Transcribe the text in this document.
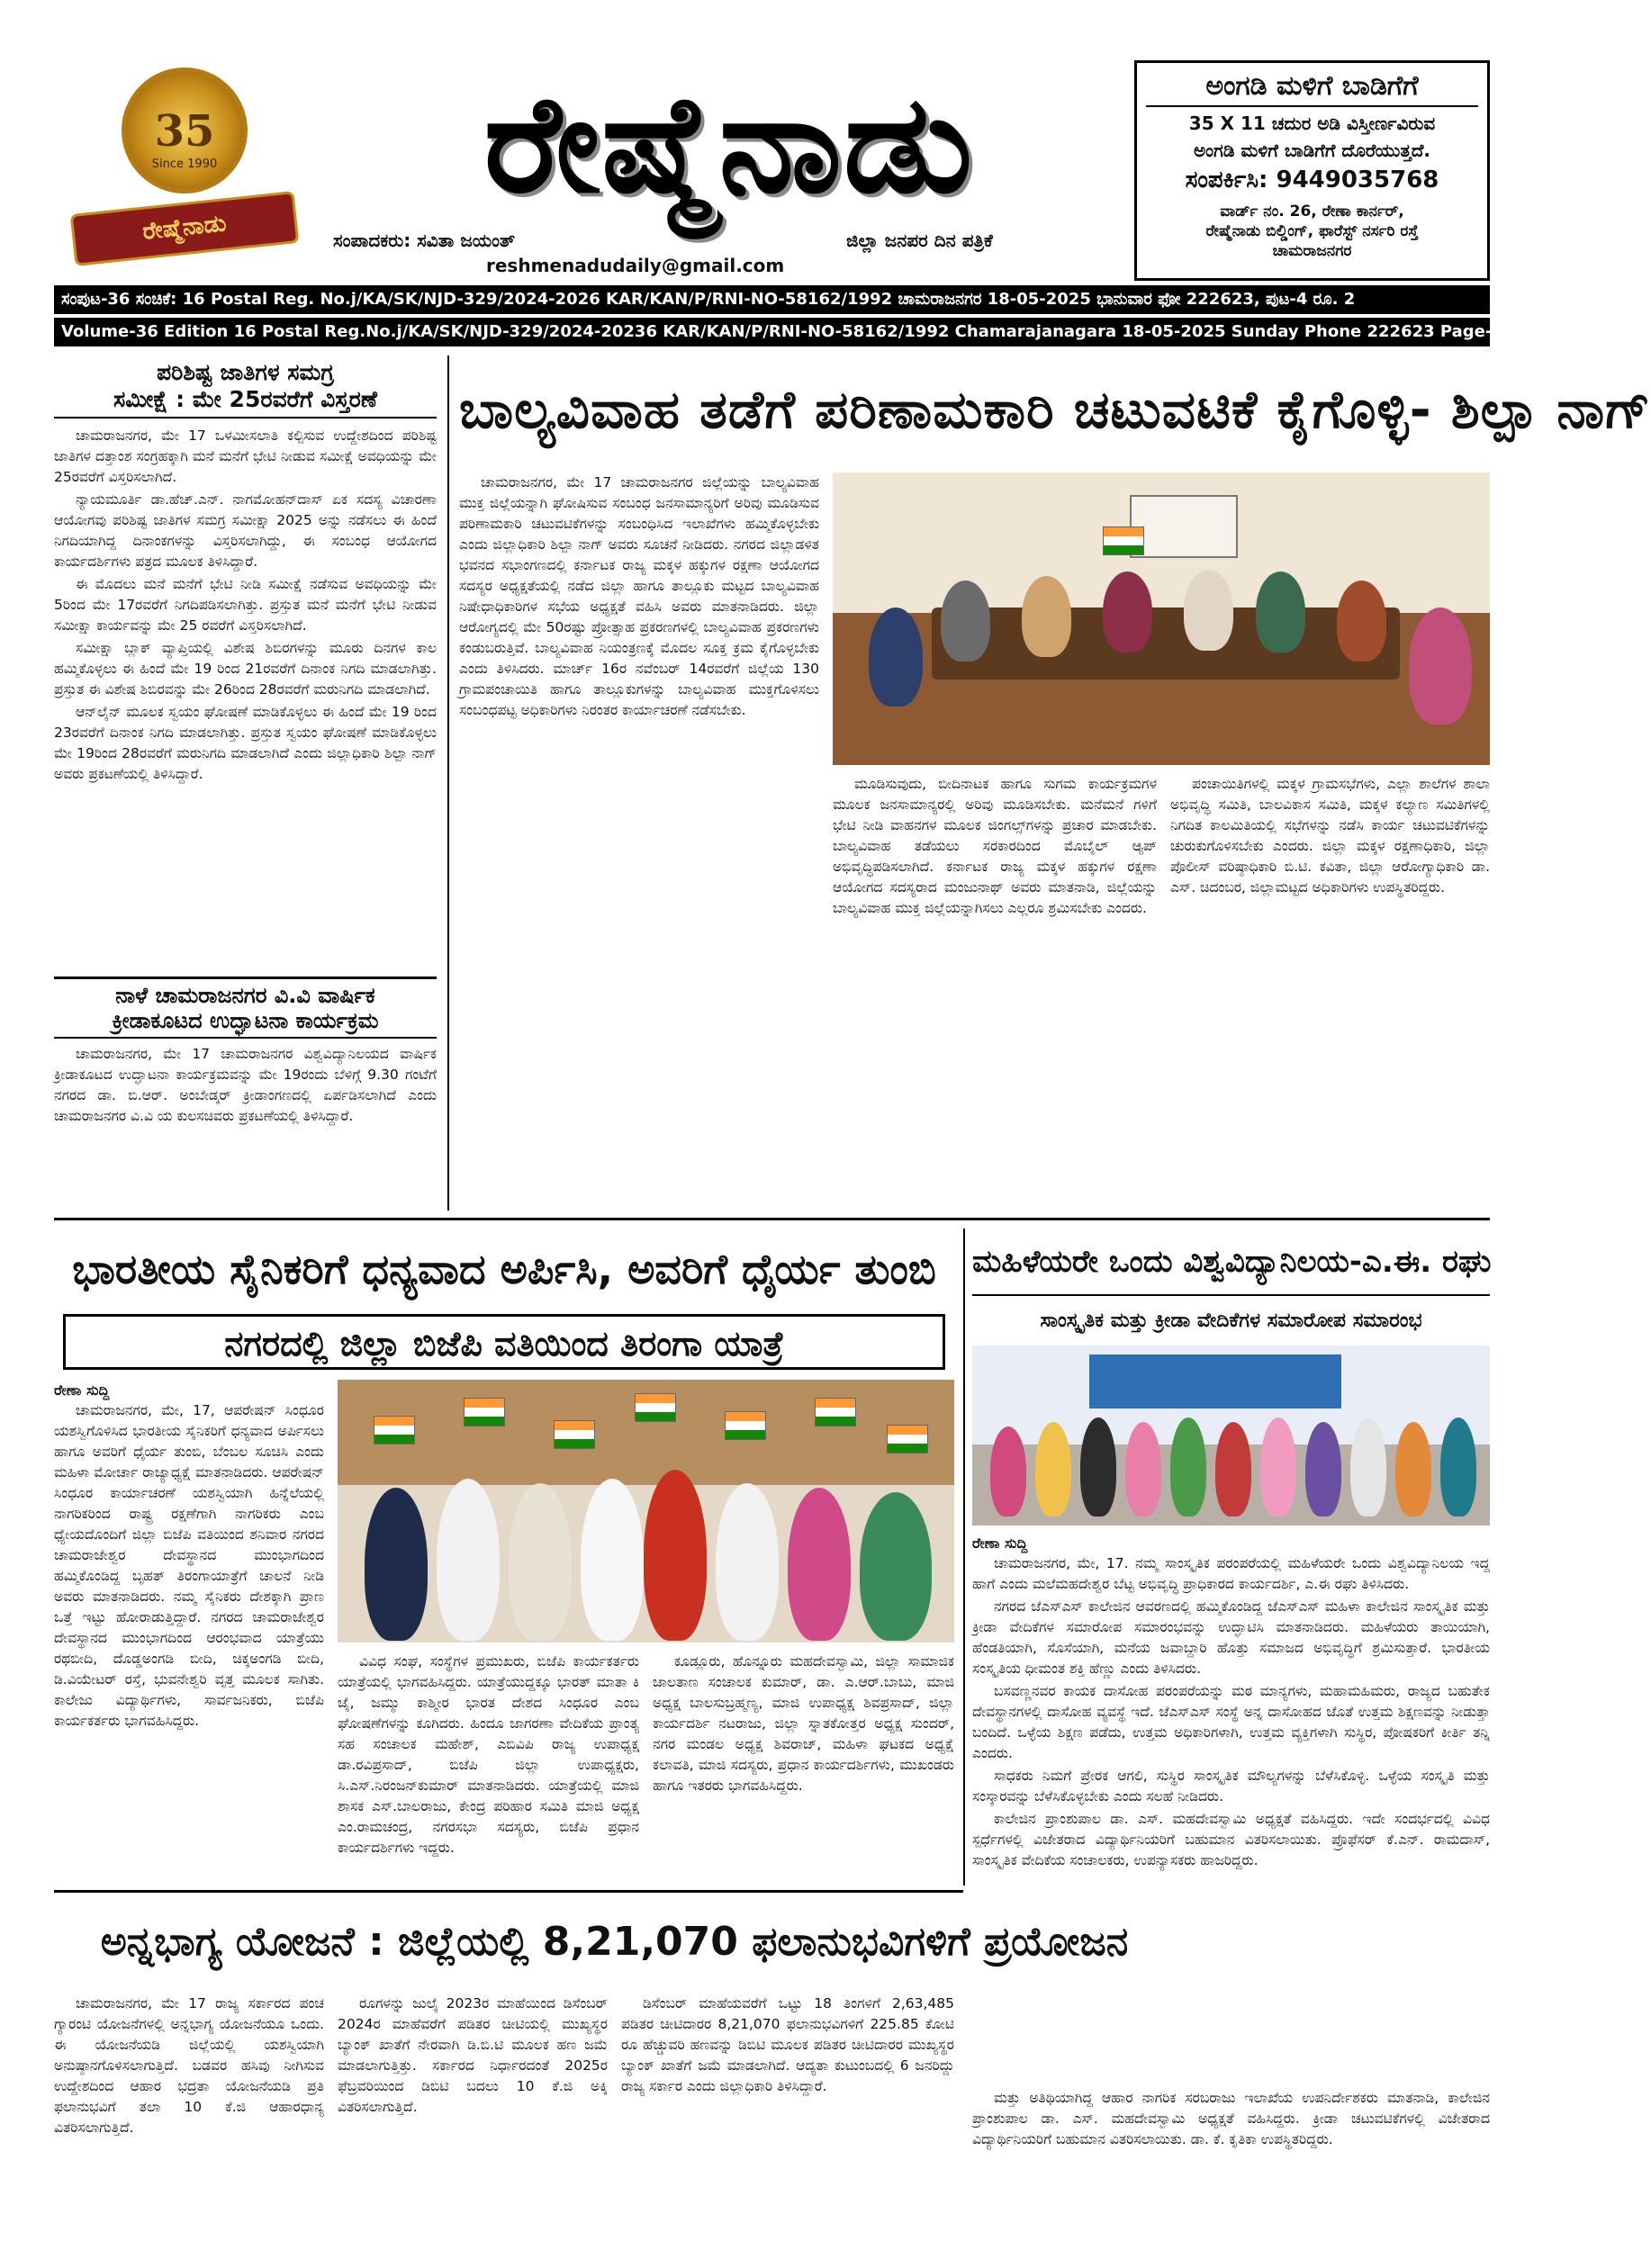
35
Since 1990
ರೇಷ್ಮೆನಾಡು
ರೇಷ್ಮೆನಾಡು
ಸಂಪಾದಕರು: ಸವಿತಾ ಜಯಂತ್	ಜಿಲ್ಲಾ ಜನಪರ ದಿನ ಪತ್ರಿಕೆ
reshmenadudaily@gmail.com
ಅಂಗಡಿ ಮಳಿಗೆ ಬಾಡಿಗೆಗೆ
35 X 11 ಚದುರ ಅಡಿ ವಿಸ್ತೀರ್ಣವಿರುವ
ಅಂಗಡಿ ಮಳಿಗೆ ಬಾಡಿಗೆಗೆ ದೊರೆಯುತ್ತದೆ.
ಸಂಪರ್ಕಿಸಿ: 9449035768
ವಾರ್ಡ್ ನಂ. 26, ರೇಣಾ ಕಾರ್ನರ್,
ರೇಷ್ಮೆನಾಡು ಬಿಲ್ಡಿಂಗ್, ಫಾರೆಸ್ಟ್ ನರ್ಸರಿ ರಸ್ತೆ
ಚಾಮರಾಜನಗರ
ಸಂಪುಟ-36 ಸಂಚಿಕೆ: 16 Postal Reg. No.j/KA/SK/NJD-329/2024-2026 KAR/KAN/P/RNI-NO-58162/1992 ಚಾಮರಾಜನಗರ 18-05-2025 ಭಾನುವಾರ ಫೋ 222623, ಪುಟ-4 ರೂ. 2
Volume-36 Edition 16 Postal Reg.No.j/KA/SK/NJD-329/2024-20236 KAR/KAN/P/RNI-NO-58162/1992 Chamarajanagara 18-05-2025 Sunday Phone 222623 Page-4 Rs.2
ಪರಿಶಿಷ್ಟ ಜಾತಿಗಳ ಸಮಗ್ರ
ಸಮೀಕ್ಷೆ : ಮೇ 25ರವರೆಗೆ ವಿಸ್ತರಣೆ

ಚಾಮರಾಜನಗರ, ಮೇ 17 ಒಳಮೀಸಲಾತಿ ಕಲ್ಪಿಸುವ ಉದ್ದೇಶದಿಂದ ಪರಿಶಿಷ್ಟ ಜಾತಿಗಳ ದತ್ತಾಂಶ ಸಂಗ್ರಹಕ್ಕಾಗಿ ಮನೆ ಮನೆಗೆ ಭೇಟಿ ನೀಡುವ ಸಮೀಕ್ಷೆ ಅವಧಿಯನ್ನು ಮೇ 25ರವರೆಗೆ ವಿಸ್ತರಿಸಲಾಗಿದೆ.

ನ್ಯಾಯಮೂರ್ತಿ ಡಾ.ಹೆಚ್.ಎನ್. ನಾಗಮೋಹನ್‌ದಾಸ್ ಏಕ ಸದಸ್ಯ ವಿಚಾರಣಾ ಆಯೋಗವು ಪರಿಶಿಷ್ಟ ಜಾತಿಗಳ ಸಮಗ್ರ ಸಮೀಕ್ಷಾ 2025 ಅನ್ನು ನಡೆಸಲು ಈ ಹಿಂದೆ ನಿಗದಿಯಾಗಿದ್ದ ದಿನಾಂಕಗಳನ್ನು ವಿಸ್ತರಿಸಲಾಗಿದ್ದು, ಈ ಸಂಬಂಧ ಆಯೋಗದ ಕಾರ್ಯದರ್ಶಿಗಳು ಪತ್ರದ ಮೂಲಕ ತಿಳಿಸಿದ್ದಾರೆ.

ಈ ಮೊದಲು ಮನೆ ಮನೆಗೆ ಭೇಟಿ ನೀಡಿ ಸಮೀಕ್ಷೆ ನಡೆಸುವ ಅವಧಿಯನ್ನು ಮೇ 5ರಿಂದ ಮೇ 17ರವರೆಗೆ ನಿಗದಿಪಡಿಸಲಾಗಿತ್ತು. ಪ್ರಸ್ತುತ ಮನೆ ಮನೆಗೆ ಭೇಟಿ ನೀಡುವ ಸಮೀಕ್ಷಾ ಕಾರ್ಯವನ್ನು ಮೇ 25 ರವರೆಗೆ ವಿಸ್ತರಿಸಲಾಗಿದೆ.

ಸಮೀಕ್ಷಾ ಬ್ಲಾಕ್ ವ್ಯಾಪ್ತಿಯಲ್ಲಿ ವಿಶೇಷ ಶಿಬಿರಗಳನ್ನು ಮೂರು ದಿನಗಳ ಕಾಲ ಹಮ್ಮಿಕೊಳ್ಳಲು ಈ ಹಿಂದೆ ಮೇ 19 ರಿಂದ 21ರವರೆಗೆ ದಿನಾಂಕ ನಿಗದಿ ಮಾಡಲಾಗಿತ್ತು. ಪ್ರಸ್ತುತ ಈ ವಿಶೇಷ ಶಿಬಿರವನ್ನು ಮೇ 26ರಿಂದ 28ರವರೆಗೆ ಮರುನಿಗದಿ ಮಾಡಲಾಗಿದೆ.

ಆನ್‌ಲೈನ್ ಮೂಲಕ ಸ್ವಯಂ ಘೋಷಣೆ ಮಾಡಿಕೊಳ್ಳಲು ಈ ಹಿಂದೆ ಮೇ 19 ರಿಂದ 23ರವರೆಗೆ ದಿನಾಂಕ ನಿಗದಿ ಮಾಡಲಾಗಿತ್ತು. ಪ್ರಸ್ತುತ ಸ್ವಯಂ ಘೋಷಣೆ ಮಾಡಿಕೊಳ್ಳಲು ಮೇ 19ರಿಂದ 28ರವರೆಗೆ ಮರುನಿಗದಿ ಮಾಡಲಾಗಿದೆ ಎಂದು ಜಿಲ್ಲಾಧಿಕಾರಿ ಶಿಲ್ಪಾ ನಾಗ್ ಅವರು ಪ್ರಕಟಣೆಯಲ್ಲಿ ತಿಳಿಸಿದ್ದಾರೆ.

ನಾಳೆ ಚಾಮರಾಜನಗರ ವಿ.ವಿ ವಾರ್ಷಿಕ
ಕ್ರೀಡಾಕೂಟದ ಉದ್ಘಾಟನಾ ಕಾರ್ಯಕ್ರಮ

ಚಾಮರಾಜನಗರ, ಮೇ 17 ಚಾಮರಾಜನಗರ ವಿಶ್ವವಿದ್ಯಾನಿಲಯದ ವಾರ್ಷಿಕ ಕ್ರೀಡಾಕೂಟದ ಉದ್ಘಾಟನಾ ಕಾರ್ಯಕ್ರಮವನ್ನು ಮೇ 19ರಂದು ಬೆಳಿಗ್ಗೆ 9.30 ಗಂಟೆಗೆ ನಗರದ ಡಾ. ಬಿ.ಆರ್. ಅಂಬೇಡ್ಕರ್ ಕ್ರೀಡಾಂಗಣದಲ್ಲಿ ಏರ್ಪಡಿಸಲಾಗಿದೆ ಎಂದು ಚಾಮರಾಜನಗರ ವಿ.ವಿ ಯ ಕುಲಸಚಿವರು ಪ್ರಕಟಣೆಯಲ್ಲಿ ತಿಳಿಸಿದ್ದಾರೆ.

ಬಾಲ್ಯವಿವಾಹ ತಡೆಗೆ ಪರಿಣಾಮಕಾರಿ ಚಟುವಟಿಕೆ ಕೈಗೊಳ್ಳಿ- ಶಿಲ್ಪಾ ನಾಗ್

ಚಾಮರಾಜನಗರ, ಮೇ 17 ಚಾಮರಾಜನಗರ ಜಿಲ್ಲೆಯನ್ನು ಬಾಲ್ಯವಿವಾಹ ಮುಕ್ತ ಜಿಲ್ಲೆಯನ್ನಾಗಿ ಘೋಷಿಸುವ ಸಂಬಂಧ ಜನಸಾಮಾನ್ಯರಿಗೆ ಅರಿವು ಮೂಡಿಸುವ ಪರಿಣಾಮಕಾರಿ ಚಟುವಟಿಕೆಗಳನ್ನು ಸಂಬಂಧಿಸಿದ ಇಲಾಖೆಗಳು ಹಮ್ಮಿಕೊಳ್ಳಬೇಕು ಎಂದು ಜಿಲ್ಲಾಧಿಕಾರಿ ಶಿಲ್ಪಾ ನಾಗ್ ಅವರು ಸೂಚನೆ ನೀಡಿದರು. ನಗರದ ಜಿಲ್ಲಾಡಳಿತ ಭವನದ ಸಭಾಂಗಣದಲ್ಲಿ ಕರ್ನಾಟಕ ರಾಜ್ಯ ಮಕ್ಕಳ ಹಕ್ಕುಗಳ ರಕ್ಷಣಾ ಆಯೋಗದ ಸದಸ್ಯರ ಅಧ್ಯಕ್ಷತೆಯಲ್ಲಿ ನಡೆದ ಜಿಲ್ಲಾ ಹಾಗೂ ತಾಲ್ಲೂಕು ಮಟ್ಟದ ಬಾಲ್ಯವಿವಾಹ ನಿಷೇಧಾಧಿಕಾರಿಗಳ ಸಭೆಯ ಅಧ್ಯಕ್ಷತೆ ವಹಿಸಿ ಅವರು ಮಾತನಾಡಿದರು. ಜಿಲ್ಲಾ ಆರೋಗ್ಯದಲ್ಲಿ ಮೇ 50ರಷ್ಟು ಪ್ರೋತ್ಸಾಹ ಪ್ರಕರಣಗಳಲ್ಲಿ ಬಾಲ್ಯವಿವಾಹ ಪ್ರಕರಣಗಳು ಕಂಡುಬರುತ್ತಿವೆ. ಬಾಲ್ಯವಿವಾಹ ನಿಯಂತ್ರಣಕ್ಕೆ ಮೊದಲ ಸೂಕ್ತ ಕ್ರಮ ಕೈಗೊಳ್ಳಬೇಕು ಎಂದು ತಿಳಿಸಿದರು. ಮಾರ್ಚ್ 16ರ ನವೆಂಬರ್ 14ರವರೆಗೆ ಜಿಲ್ಲೆಯ 130 ಗ್ರಾಮಪಂಚಾಯಿತಿ ಹಾಗೂ ತಾಲ್ಲೂಕುಗಳನ್ನು ಬಾಲ್ಯವಿವಾಹ ಮುಕ್ತಗೊಳಿಸಲು ಸಂಬಂಧಪಟ್ಟ ಅಧಿಕಾರಿಗಳು ನಿರಂತರ ಕಾರ್ಯಾಚರಣೆ ನಡೆಸಬೇಕು.

ಮೂಡಿಸುವುದು, ಬೀದಿನಾಟಕ ಹಾಗೂ ಸುಗಮ ಕಾರ್ಯಕ್ರಮಗಳ ಮೂಲಕ ಜನಸಾಮಾನ್ಯರಲ್ಲಿ ಅರಿವು ಮೂಡಿಸಬೇಕು. ಮನೆಮನೆ ಗಳಿಗೆ ಭೇಟಿ ನೀಡಿ ವಾಹನಗಳ ಮೂಲಕ ಜಿಂಗಲ್ಸ್‌ಗಳನ್ನು ಪ್ರಚಾರ ಮಾಡಬೇಕು. ಬಾಲ್ಯವಿವಾಹ ತಡೆಯಲು ಸರಕಾರದಿಂದ ಮೊಬೈಲ್ ಆ್ಯಪ್ ಅಭಿವೃದ್ಧಿಪಡಿಸಲಾಗಿದೆ. ಕರ್ನಾಟಕ ರಾಜ್ಯ ಮಕ್ಕಳ ಹಕ್ಕುಗಳ ರಕ್ಷಣಾ ಆಯೋಗದ ಸದಸ್ಯರಾದ ಮಂಜುನಾಥ್ ಅವರು ಮಾತನಾಡಿ, ಜಿಲ್ಲೆಯನ್ನು ಬಾಲ್ಯವಿವಾಹ ಮುಕ್ತ ಜಿಲ್ಲೆಯನ್ನಾಗಿಸಲು ಎಲ್ಲರೂ ಶ್ರಮಿಸಬೇಕು ಎಂದರು.

ಪಂಚಾಯಿತಿಗಳಲ್ಲಿ ಮಕ್ಕಳ ಗ್ರಾಮಸಭೆಗಳು, ಎಲ್ಲಾ ಶಾಲೆಗಳ ಶಾಲಾ ಅಭಿವೃದ್ಧಿ ಸಮಿತಿ, ಬಾಲವಿಕಾಸ ಸಮಿತಿ, ಮಕ್ಕಳ ಕಲ್ಯಾಣ ಸಮಿತಿಗಳಲ್ಲಿ ನಿಗದಿತ ಕಾಲಮಿತಿಯಲ್ಲಿ ಸಭೆಗಳನ್ನು ನಡೆಸಿ ಕಾರ್ಯ ಚಟುವಟಿಕೆಗಳನ್ನು ಚುರುಕುಗೊಳಿಸಬೇಕು ಎಂದರು. ಜಿಲ್ಲಾ ಮಕ್ಕಳ ರಕ್ಷಣಾಧಿಕಾರಿ, ಜಿಲ್ಲಾ ಪೊಲೀಸ್ ವರಿಷ್ಠಾಧಿಕಾರಿ ಬಿ.ಟಿ. ಕವಿತಾ, ಜಿಲ್ಲಾ ಆರೋಗ್ಯಾಧಿಕಾರಿ ಡಾ. ಎಸ್. ಚಿದಂಬರ, ಜಿಲ್ಲಾಮಟ್ಟದ ಅಧಿಕಾರಿಗಳು ಉಪಸ್ಥಿತರಿದ್ದರು.

ಭಾರತೀಯ ಸೈನಿಕರಿಗೆ ಧನ್ಯವಾದ ಅರ್ಪಿಸಿ, ಅವರಿಗೆ ಧೈರ್ಯ ತುಂಬಿ
ನಗರದಲ್ಲಿ ಜಿಲ್ಲಾ ಬಿಜೆಪಿ ವತಿಯಿಂದ ತಿರಂಗಾ ಯಾತ್ರೆ
ರೇಣಾ ಸುದ್ದಿ

ಚಾಮರಾಜನಗರ, ಮೇ, 17, ಆಪರೇಷನ್ ಸಿಂಧೂರ ಯಶಸ್ವಿಗೊಳಿಸಿದ ಭಾರತೀಯ ಸೈನಿಕರಿಗೆ ಧನ್ಯವಾದ ಅರ್ಪಿಸಲು ಹಾಗೂ ಅವರಿಗೆ ಧೈರ್ಯ ತುಂಬಿ, ಬೆಂಬಲ ಸೂಚಿಸಿ ಎಂದು ಮಹಿಳಾ ಮೋರ್ಚಾ ರಾಜ್ಯಾಧ್ಯಕ್ಷೆ ಮಾತನಾಡಿದರು. ಆಪರೇಷನ್ ಸಿಂಧೂರ ಕಾರ್ಯಾಚರಣೆ ಯಶಸ್ವಿಯಾಗಿ ಹಿನ್ನೆಲೆಯಲ್ಲಿ ನಾಗರಿಕರಿಂದ ರಾಷ್ಟ್ರ ರಕ್ಷಣೆಗಾಗಿ ನಾಗರಿಕರು ಎಂಬ ಧ್ಯೇಯದೊಂದಿಗೆ ಜಿಲ್ಲಾ ಬಿಜೆಪಿ ವತಿಯಿಂದ ಶನಿವಾರ ನಗರದ ಚಾಮರಾಜೇಶ್ವರ ದೇವಸ್ಥಾನದ ಮುಂಭಾಗದಿಂದ ಹಮ್ಮಿಕೊಂಡಿದ್ದ ಬೃಹತ್ ತಿರಂಗಾಯಾತ್ರೆಗೆ ಚಾಲನೆ ನೀಡಿ ಅವರು ಮಾತನಾಡಿದರು. ನಮ್ಮ ಸೈನಿಕರು ದೇಶಕ್ಕಾಗಿ ಪ್ರಾಣ ಒತ್ತೆ ಇಟ್ಟು ಹೋರಾಡುತ್ತಿದ್ದಾರೆ. ನಗರದ ಚಾಮರಾಜೇಶ್ವರ ದೇವಸ್ಥಾನದ ಮುಂಭಾಗದಿಂದ ಆರಂಭವಾದ ಯಾತ್ರೆಯು ರಥಬೀದಿ, ದೊಡ್ಡಅಂಗಡಿ ಬೀದಿ, ಚಿಕ್ಕಅಂಗಡಿ ಬೀದಿ, ಡಿ.ವಿಯೇಟರ್ ರಸ್ತೆ, ಭುವನೇಶ್ವರಿ ವೃತ್ತ ಮೂಲಕ ಸಾಗಿತು. ಕಾಲೇಜು ವಿದ್ಯಾರ್ಥಿಗಳು, ಸಾರ್ವಜನಿಕರು, ಬಿಜೆಪಿ ಕಾರ್ಯಕರ್ತರು ಭಾಗವಹಿಸಿದ್ದರು.

ವಿವಿಧ ಸಂಘ, ಸಂಸ್ಥೆಗಳ ಪ್ರಮುಖರು, ಬಿಜೆಪಿ ಕಾರ್ಯಕರ್ತರು ಯಾತ್ರೆಯಲ್ಲಿ ಭಾಗವಹಿಸಿದ್ದರು. ಯಾತ್ರೆಯುದ್ದಕ್ಕೂ ಭಾರತ್ ಮಾತಾ ಕಿ ಜೈ, ಜಮ್ಮು ಕಾಶ್ಮೀರ ಭಾರತ ದೇಶದ ಸಿಂಧೂರ ಎಂಬ ಘೋಷಣೆಗಳನ್ನು ಕೂಗಿದರು. ಹಿಂದೂ ಜಾಗರಣಾ ವೇದಿಕೆಯ ಪ್ರಾಂತ್ಯ ಸಹ ಸಂಚಾಲಕ ಮಹೇಶ್, ಎಬಿವಿಪಿ ರಾಜ್ಯ ಉಪಾಧ್ಯಕ್ಷ ಡಾ.ರವಿಪ್ರಸಾದ್, ಬಿಜೆಪಿ ಜಿಲ್ಲಾ ಉಪಾಧ್ಯಕ್ಷರು, ಸಿ.ಎಸ್.ನಿರಂಜನ್‌ಕುಮಾರ್ ಮಾತನಾಡಿದರು. ಯಾತ್ರೆಯಲ್ಲಿ ಮಾಜಿ ಶಾಸಕ ಎಸ್.ಬಾಲರಾಜು, ಕೇಂದ್ರ ಪರಿಹಾರ ಸಮಿತಿ ಮಾಜಿ ಅಧ್ಯಕ್ಷ ಎಂ.ರಾಮಚಂದ್ರ, ನಗರಸಭಾ ಸದಸ್ಯರು, ಬಿಜೆಪಿ ಪ್ರಧಾನ ಕಾರ್ಯದರ್ಶಿಗಳು ಇದ್ದರು.

ಕೂಡ್ಲೂರು, ಹೊನ್ನೂರು ಮಹದೇವಸ್ವಾಮಿ, ಜಿಲ್ಲಾ ಸಾಮಾಜಿಕ ಜಾಲತಾಣ ಸಂಚಾಲಕ ಕುಮಾರ್, ಡಾ. ಎ.ಆರ್.ಬಾಬು, ಮಾಜಿ ಅಧ್ಯಕ್ಷ ಬಾಲಸುಬ್ರಹ್ಮಣ್ಯ, ಮಾಜಿ ಉಪಾಧ್ಯಕ್ಷ ಶಿವಪ್ರಸಾದ್, ಜಿಲ್ಲಾ ಕಾರ್ಯದರ್ಶಿ ನಟರಾಜು, ಜಿಲ್ಲಾ ಸ್ನಾತಕೋತ್ತರ ಅಧ್ಯಕ್ಷ ಸುಂದರ್, ನಗರ ಮಂಡಲ ಅಧ್ಯಕ್ಷ ಶಿವರಾಜ್, ಮಹಿಳಾ ಘಟಕದ ಅಧ್ಯಕ್ಷೆ ಕಲಾವತಿ, ಮಾಜಿ ಸದಸ್ಯರು, ಪ್ರಧಾನ ಕಾರ್ಯದರ್ಶಿಗಳು, ಮುಖಂಡರು ಹಾಗೂ ಇತರರು ಭಾಗವಹಿಸಿದ್ದರು.

ಮಹಿಳೆಯರೇ ಒಂದು ವಿಶ್ವವಿದ್ಯಾನಿಲಯ-ಎ.ಈ. ರಘು
ಸಾಂಸ್ಕೃತಿಕ ಮತ್ತು ಕ್ರೀಡಾ ವೇದಿಕೆಗಳ ಸಮಾರೋಪ ಸಮಾರಂಭ
ರೇಣಾ ಸುದ್ದಿ

ಚಾಮರಾಜನಗರ, ಮೇ, 17. ನಮ್ಮ ಸಾಂಸ್ಕೃತಿಕ ಪರಂಪರೆಯಲ್ಲಿ ಮಹಿಳೆಯರೇ ಒಂದು ವಿಶ್ವವಿದ್ಯಾನಿಲಯ ಇದ್ದ ಹಾಗೆ ಎಂದು ಮಲೆಮಹದೇಶ್ವರ ಬೆಟ್ಟ ಅಭಿವೃದ್ಧಿ ಪ್ರಾಧಿಕಾರದ ಕಾರ್ಯದರ್ಶಿ, ಎ.ಈ ರಘು ತಿಳಿಸಿದರು.

ನಗರದ ಜೆಎಸ್‌ಎಸ್ ಕಾಲೇಜಿನ ಆವರಣದಲ್ಲಿ ಹಮ್ಮಿಕೊಂಡಿದ್ದ ಜೆಎಸ್‌ಎಸ್ ಮಹಿಳಾ ಕಾಲೇಜಿನ ಸಾಂಸ್ಕೃತಿಕ ಮತ್ತು ಕ್ರೀಡಾ ವೇದಿಕೆಗಳ ಸಮಾರೋಪ ಸಮಾರಂಭವನ್ನು ಉದ್ಘಾಟಿಸಿ ಮಾತನಾಡಿದರು. ಮಹಿಳೆಯರು ತಾಯಿಯಾಗಿ, ಹೆಂಡತಿಯಾಗಿ, ಸೊಸೆಯಾಗಿ, ಮನೆಯ ಜವಾಬ್ದಾರಿ ಹೊತ್ತು ಸಮಾಜದ ಅಭಿವೃದ್ಧಿಗೆ ಶ್ರಮಿಸುತ್ತಾರೆ. ಭಾರತೀಯ ಸಂಸ್ಕೃತಿಯ ಧೀಮಂತ ಶಕ್ತಿ ಹೆಣ್ಣು ಎಂದು ತಿಳಿಸಿದರು.

ಬಸವಣ್ಣನವರ ಕಾಯಕ ದಾಸೋಹ ಪರಂಪರೆಯನ್ನು ಮಠ ಮಾನ್ಯಗಳು, ಮಹಾಮಹಿಮರು, ರಾಜ್ಯದ ಬಹುತೇಕ ದೇವಸ್ಥಾನಗಳಲ್ಲಿ ದಾಸೋಹ ವ್ಯವಸ್ಥೆ ಇದೆ. ಜೆಎಸ್‌ಎಸ್ ಸಂಸ್ಥೆ ಅನ್ನ ದಾಸೋಹದ ಜೊತೆ ಉತ್ತಮ ಶಿಕ್ಷಣವನ್ನು ನೀಡುತ್ತಾ ಬಂದಿದೆ. ಒಳ್ಳೆಯ ಶಿಕ್ಷಣ ಪಡೆದು, ಉತ್ತಮ ಅಧಿಕಾರಿಗಳಾಗಿ, ಉತ್ತಮ ವ್ಯಕ್ತಿಗಳಾಗಿ ಸುಸ್ಥಿರ, ಪೋಷಕರಿಗೆ ಕೀರ್ತಿ ತನ್ನಿ ಎಂದರು.

ಸಾಧಕರು ನಿಮಗೆ ಪ್ರೇರಕ ಆಗಲಿ, ಸುಸ್ಥಿರ ಸಾಂಸ್ಕೃತಿಕ ಮೌಲ್ಯಗಳನ್ನು ಬೆಳೆಸಿಕೊಳ್ಳಿ. ಒಳ್ಳೆಯ ಸಂಸ್ಕೃತಿ ಮತ್ತು ಸಂಸ್ಕಾರವನ್ನು ಬೆಳೆಸಿಕೊಳ್ಳಬೇಕು ಎಂದು ಸಲಹೆ ನೀಡಿದರು.

ಕಾಲೇಜಿನ ಪ್ರಾಂಶುಪಾಲ ಡಾ. ಎಸ್. ಮಹದೇವಸ್ವಾಮಿ ಅಧ್ಯಕ್ಷತೆ ವಹಿಸಿದ್ದರು. ಇದೇ ಸಂದರ್ಭದಲ್ಲಿ ವಿವಿಧ ಸ್ಪರ್ಧೆಗಳಲ್ಲಿ ವಿಜೇತರಾದ ವಿದ್ಯಾರ್ಥಿನಿಯರಿಗೆ ಬಹುಮಾನ ವಿತರಿಸಲಾಯಿತು. ಪ್ರೊಫೆಸರ್ ಕೆ.ಎನ್. ರಾಮದಾಸ್, ಸಾಂಸ್ಕೃತಿಕ ವೇದಿಕೆಯ ಸಂಚಾಲಕರು, ಉಪನ್ಯಾಸಕರು ಹಾಜರಿದ್ದರು.

ಅನ್ನಭಾಗ್ಯ ಯೋಜನೆ : ಜಿಲ್ಲೆಯಲ್ಲಿ 8,21,070 ಫಲಾನುಭವಿಗಳಿಗೆ ಪ್ರಯೋಜನ

ಚಾಮರಾಜನಗರ, ಮೇ 17 ರಾಜ್ಯ ಸರ್ಕಾರದ ಪಂಚ ಗ್ಯಾರಂಟಿ ಯೋಜನೆಗಳಲ್ಲಿ ಅನ್ನಭಾಗ್ಯ ಯೋಜನೆಯೂ ಒಂದು. ಈ ಯೋಜನೆಯಡಿ ಜಿಲ್ಲೆಯಲ್ಲಿ ಯಶಸ್ವಿಯಾಗಿ ಅನುಷ್ಠಾನಗೊಳಿಸಲಾಗುತ್ತಿದೆ. ಬಡವರ ಹಸಿವು ನೀಗಿಸುವ ಉದ್ದೇಶದಿಂದ ಆಹಾರ ಭದ್ರತಾ ಯೋಜನೆಯಡಿ ಪ್ರತಿ ಫಲಾನುಭವಿಗೆ ತಲಾ 10 ಕೆ.ಜಿ ಆಹಾರಧಾನ್ಯ ವಿತರಿಸಲಾಗುತ್ತಿದೆ.

ರೂಗಳನ್ನು ಜುಲೈ 2023ರ ಮಾಹೆಯಿಂದ ಡಿಸೆಂಬರ್ 2024ರ ಮಾಹೆವರೆಗೆ ಪಡಿತರ ಚೀಟಿಯಲ್ಲಿ ಮುಖ್ಯಸ್ಥರ ಬ್ಯಾಂಕ್ ಖಾತೆಗೆ ನೇರವಾಗಿ ಡಿ.ಬಿ.ಟಿ ಮೂಲಕ ಹಣ ಜಮೆ ಮಾಡಲಾಗುತ್ತಿತ್ತು. ಸರ್ಕಾರದ ನಿರ್ಧಾರದಂತೆ 2025ರ ಫೆಬ್ರವರಿಯಿಂದ ಡಿಬಿಟಿ ಬದಲು 10 ಕೆ.ಜಿ ಅಕ್ಕಿ ವಿತರಿಸಲಾಗುತ್ತಿದೆ.

ಡಿಸೆಂಬರ್ ಮಾಹೆಯವರೆಗೆ ಒಟ್ಟು 18 ತಿಂಗಳಿಗೆ 2,63,485 ಪಡಿತರ ಚೀಟಿದಾರರ 8,21,070 ಫಲಾನುಭವಿಗಳಿಗೆ 225.85 ಕೋಟಿ ರೂ ಹೆಚ್ಚುವರಿ ಹಣವನ್ನು ಡಿಬಿಟಿ ಮೂಲಕ ಪಡಿತರ ಚೀಟಿದಾರರ ಮುಖ್ಯಸ್ಥರ ಬ್ಯಾಂಕ್ ಖಾತೆಗೆ ಜಮೆ ಮಾಡಲಾಗಿದೆ. ಆದ್ಯತಾ ಕುಟುಂಬದಲ್ಲಿ 6 ಜನರಿದ್ದು ರಾಜ್ಯ ಸರ್ಕಾರ ಎಂದು ಜಿಲ್ಲಾಧಿಕಾರಿ ತಿಳಿಸಿದ್ದಾರೆ.

ಮತ್ತು ಅತಿಥಿಯಾಗಿದ್ದ ಆಹಾರ ನಾಗರಿಕ ಸರಬರಾಜು ಇಲಾಖೆಯ ಉಪನಿರ್ದೇಶಕರು ಮಾತನಾಡಿ, ಕಾಲೇಜಿನ ಪ್ರಾಂಶುಪಾಲ ಡಾ. ಎಸ್. ಮಹದೇವಸ್ವಾಮಿ ಅಧ್ಯಕ್ಷತೆ ವಹಿಸಿದ್ದರು. ಕ್ರೀಡಾ ಚಟುವಟಿಕೆಗಳಲ್ಲಿ ವಿಜೇತರಾದ ವಿದ್ಯಾರ್ಥಿನಿಯರಿಗೆ ಬಹುಮಾನ ವಿತರಿಸಲಾಯಿತು. ಡಾ. ಕೆ. ಕೃತಿಕಾ ಉಪಸ್ಥಿತರಿದ್ದರು.
